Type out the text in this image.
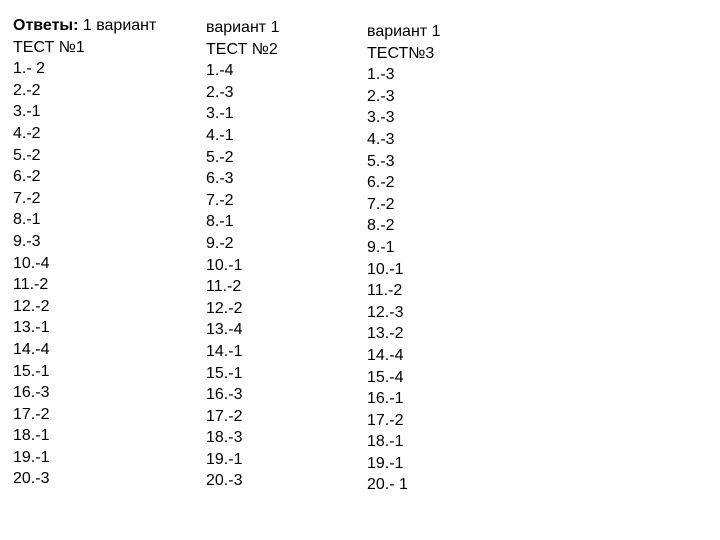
Ответы: 1 вариант
ТЕСТ №1
1.- 2
2.-2
3.-1
4.-2
5.-2
6.-2
7.-2
8.-1
9.-3
10.-4
11.-2
12.-2
13.-1
14.-4
15.-1
16.-3
17.-2
18.-1
19.-1
20.-3
вариант 1
ТЕСТ №2
1.-4
2.-3
3.-1
4.-1
5.-2
6.-3
7.-2
8.-1
9.-2
10.-1
11.-2
12.-2
13.-4
14.-1
15.-1
16.-3
17.-2
18.-3
19.-1
20.-3
вариант 1
ТЕСТ№3
1.-3
2.-3
3.-3
4.-3
5.-3
6.-2
7.-2
8.-2
9.-1
10.-1
11.-2
12.-3
13.-2
14.-4
15.-4
16.-1
17.-2
18.-1
19.-1
20.- 1
